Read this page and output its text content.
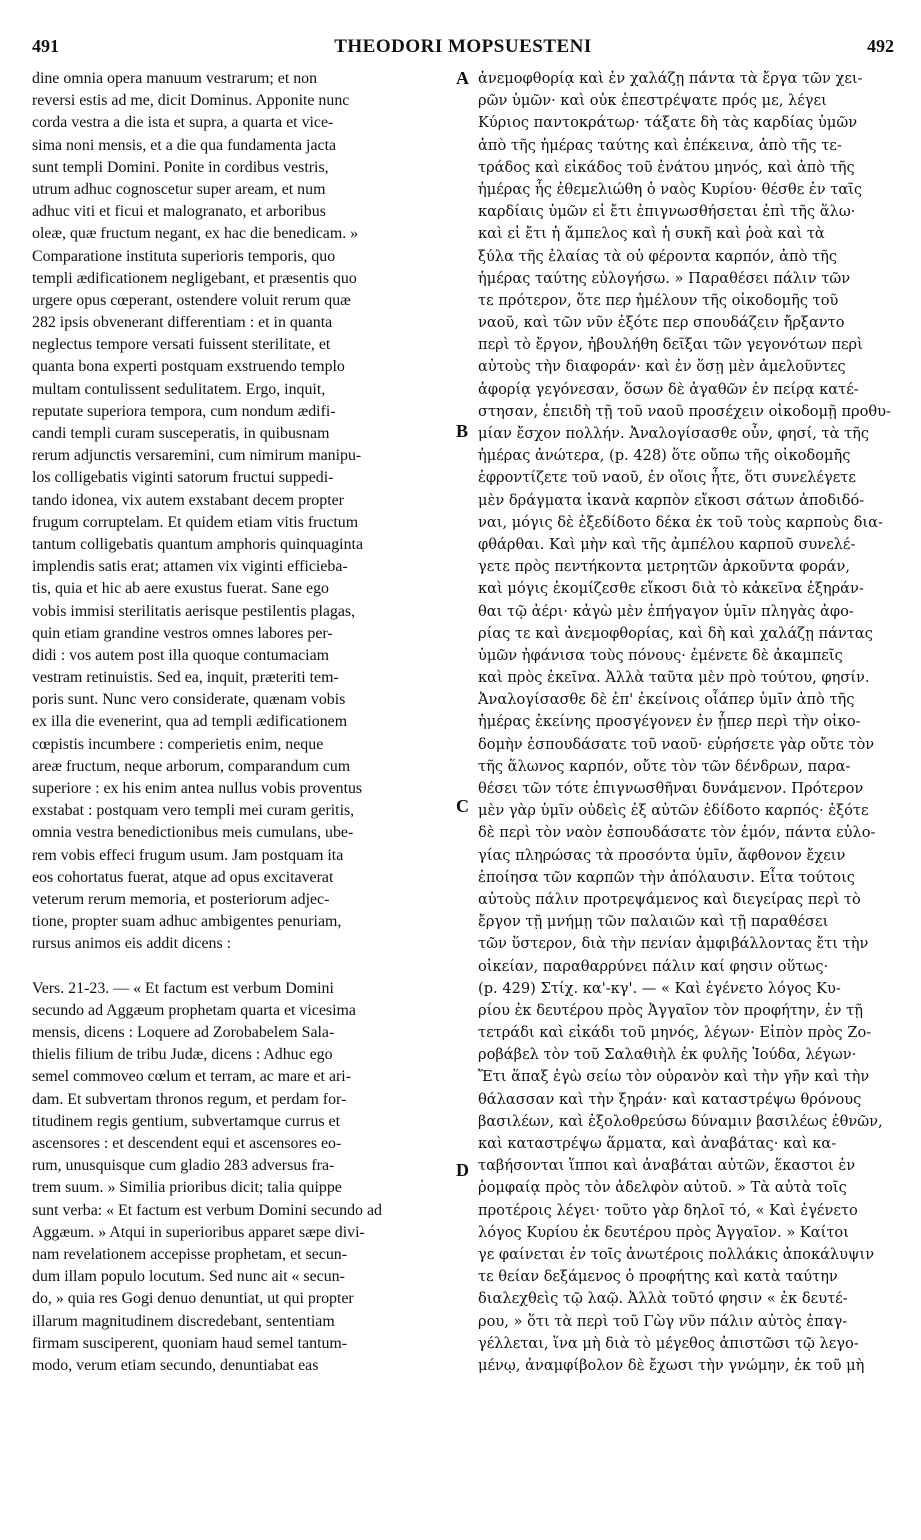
491	THEODORI MOPSUESTENI	492
A
B
C
D
dine omnia opera manuum vestrarum; et non
reversi estis ad me, dicit Dominus. Apponite nunc
corda vestra a die ista et supra, a quarta et vice-
sima noni mensis, et a die qua fundamenta jacta
sunt templi Domini. Ponite in cordibus vestris,
utrum adhuc cognoscetur super aream, et num
adhuc viti et ficui et malogranato, et arboribus
oleæ, quæ fructum negant, ex hac die benedicam. »
Comparatione instituta superioris temporis, quo
templi ædificationem negligebant, et præsentis quo
urgere opus cœperant, ostendere voluit rerum quæ
282 ipsis obvenerant differentiam : et in quanta
neglectus tempore versati fuissent sterilitate, et
quanta bona experti postquam exstruendo templo
multam contulissent sedulitatem. Ergo, inquit,
reputate superiora tempora, cum nondum ædifi-
candi templi curam susceperatis, in quibusnam
rerum adjunctis versaremini, cum nimirum manipu-
los colligebatis viginti satorum fructui suppedi-
tando idonea, vix autem exstabant decem propter
frugum corruptelam. Et quidem etiam vitis fructum
tantum colligebatis quantum amphoris quinquaginta
implendis satis erat; attamen vix viginti efficieba-
tis, quia et hic ab aere exustus fuerat. Sane ego
vobis immisi sterilitatis aerisque pestilentis plagas,
quin etiam grandine vestros omnes labores per-
didi : vos autem post illa quoque contumaciam
vestram retinuistis. Sed ea, inquit, præteriti tem-
poris sunt. Nunc vero considerate, quænam vobis
ex illa die evenerint, qua ad templi ædificationem
cœpistis incumbere : comperietis enim, neque
areæ fructum, neque arborum, comparandum cum
superiore : ex his enim antea nullus vobis proventus
exstabat : postquam vero templi mei curam geritis,
omnia vestra benedictionibus meis cumulans, ube-
rem vobis effeci frugum usum. Jam postquam ita
eos cohortatus fuerat, atque ad opus excitaverat
veterum rerum memoria, et posteriorum adjec-
tione, propter suam adhuc ambigentes penuriam,
rursus animos eis addit dicens :
Vers. 21-23. — « Et factum est verbum Domini
secundo ad Aggæum prophetam quarta et vicesima
mensis, dicens : Loquere ad Zorobabelem Sala-
thielis filium de tribu Judæ, dicens : Adhuc ego
semel commoveo cœlum et terram, ac mare et ari-
dam. Et subvertam thronos regum, et perdam for-
titudinem regis gentium, subvertamque currus et
ascensores : et descendent equi et ascensores eo-
rum, unusquisque cum gladio 283 adversus fra-
trem suum. » Similia prioribus dicit; talia quippe
sunt verba: « Et factum est verbum Domini secundo ad
Aggæum. » Atqui in superioribus apparet sæpe divi-
nam revelationem accepisse prophetam, et secun-
dum illam populo locutum. Sed nunc ait « secun-
do, » quia res Gogi denuo denuntiat, ut qui propter
illarum magnitudinem discredebant, sententiam
firmam susciperent, quoniam haud semel tantum-
modo, verum etiam secundo, denuntiabat eas
ἀνεμοφθορίᾳ καὶ ἐν χαλάζῃ πάντα τὰ ἔργα τῶν χει-
ρῶν ὑμῶν· καὶ οὐκ ἐπεστρέψατε πρός με, λέγει
Κύριος παντοκράτωρ· τάξατε δὴ τὰς καρδίας ὑμῶν
ἀπὸ τῆς ἡμέρας ταύτης καὶ ἐπέκεινα, ἀπὸ τῆς τε-
τράδος καὶ εἰκάδος τοῦ ἐνάτου μηνός, καὶ ἀπὸ τῆς
ἡμέρας ἧς ἐθεμελιώθη ὁ ναὸς Κυρίου· θέσθε ἐν ταῖς
καρδίαις ὑμῶν εἰ ἔτι ἐπιγνωσθήσεται ἐπὶ τῆς ἅλω·
καὶ εἰ ἔτι ἡ ἄμπελος καὶ ἡ συκῆ καὶ ῥοὰ καὶ τὰ
ξύλα τῆς ἐλαίας τὰ οὐ φέροντα καρπόν, ἀπὸ τῆς
ἡμέρας ταύτης εὐλογήσω. » Παραθέσει πάλιν τῶν
τε πρότερον, ὅτε περ ἠμέλουν τῆς οἰκοδομῆς τοῦ
ναοῦ, καὶ τῶν νῦν ἐξότε περ σπουδάζειν ἤρξαντο
περὶ τὸ ἔργον, ἠβουλήθη δεῖξαι τῶν γεγονότων περὶ
αὐτοὺς τὴν διαφοράν· καὶ ἐν ὅσῃ μὲν ἀμελοῦντες
ἀφορίᾳ γεγόνεσαν, ὅσων δὲ ἀγαθῶν ἐν πείρᾳ κατέ-
στησαν, ἐπειδὴ τῇ τοῦ ναοῦ προσέχειν οἰκοδομῇ προθυ-
μίαν ἔσχον πολλήν. Ἀναλογίσασθε οὖν, φησί, τὰ τῆς
ἡμέρας ἀνώτερα, (p. 428) ὅτε οὔπω τῆς οἰκοδομῆς
ἐφροντίζετε τοῦ ναοῦ, ἐν οἵοις ἦτε, ὅτι συνελέγετε
μὲν δράγματα ἱκανὰ καρπὸν εἴκοσι σάτων ἀποδιδό-
ναι, μόγις δὲ ἐξεδίδοτο δέκα ἐκ τοῦ τοὺς καρποὺς δια-
φθάρθαι. Καὶ μὴν καὶ τῆς ἀμπέλου καρποῦ συνελέ-
γετε πρὸς πεντήκοντα μετρητῶν ἀρκοῦντα φοράν,
καὶ μόγις ἐκομίζεσθε εἴκοσι διὰ τὸ κἀκεῖνα ἐξηράν-
θαι τῷ ἀέρι· κἀγὼ μὲν ἐπήγαγον ὑμῖν πληγὰς ἀφο-
ρίας τε καὶ ἀνεμοφθορίας, καὶ δὴ καὶ χαλάζῃ πάντας
ὑμῶν ἠφάνισα τοὺς πόνους· ἐμένετε δὲ ἀκαμπεῖς
καὶ πρὸς ἐκεῖνα. Ἀλλὰ ταῦτα μὲν πρὸ τούτου, φησίν.
Ἀναλογίσασθε δὲ ἐπ' ἐκείνοις οἷάπερ ὑμῖν ἀπὸ τῆς
ἡμέρας ἐκείνης προσγέγονεν ἐν ᾗπερ περὶ τὴν οἰκο-
δομὴν ἐσπουδάσατε τοῦ ναοῦ· εὑρήσετε γὰρ οὔτε τὸν
τῆς ἅλωνος καρπόν, οὔτε τὸν τῶν δένδρων, παρα-
θέσει τῶν τότε ἐπιγνωσθῆναι δυνάμενον. Πρότερον
μὲν γὰρ ὑμῖν οὐδεὶς ἐξ αὐτῶν ἐδίδοτο καρπός· ἐξότε
δὲ περὶ τὸν ναὸν ἐσπουδάσατε τὸν ἐμόν, πάντα εὐλο-
γίας πληρώσας τὰ προσόντα ὑμῖν, ἄφθονον ἔχειν
ἐποίησα τῶν καρπῶν τὴν ἀπόλαυσιν. Εἶτα τούτοις
αὐτοὺς πάλιν προτρεψάμενος καὶ διεγείρας περὶ τὸ
ἔργον τῇ μνήμῃ τῶν παλαιῶν καὶ τῇ παραθέσει
τῶν ὕστερον, διὰ τὴν πενίαν ἀμφιβάλλοντας ἔτι τὴν
οἰκείαν, παραθαρρύνει πάλιν καί φησιν οὕτως·
(p. 429) Στίχ. κα'-κγ'. — « Καὶ ἐγένετο λόγος Κυ-
ρίου ἐκ δευτέρου πρὸς Ἀγγαῖον τὸν προφήτην, ἐν τῇ
τετράδι καὶ εἰκάδι τοῦ μηνός, λέγων· Εἰπὸν πρὸς Ζο-
ροβάβελ τὸν τοῦ Σαλαθιὴλ ἐκ φυλῆς Ἰούδα, λέγων·
Ἔτι ἅπαξ ἐγὼ σείω τὸν οὐρανὸν καὶ τὴν γῆν καὶ τὴν
θάλασσαν καὶ τὴν ξηράν· καὶ καταστρέψω θρόνους
βασιλέων, καὶ ἐξολοθρεύσω δύναμιν βασιλέως ἐθνῶν,
καὶ καταστρέψω ἅρματα, καὶ ἀναβάτας· καὶ κα-
ταβήσονται ἵπποι καὶ ἀναβάται αὐτῶν, ἕκαστοι ἐν
ῥομφαίᾳ πρὸς τὸν ἀδελφὸν αὐτοῦ. » Τὰ αὐτὰ τοῖς
προτέροις λέγει· τοῦτο γὰρ δηλοῖ τό, « Καὶ ἐγένετο
λόγος Κυρίου ἐκ δευτέρου πρὸς Ἀγγαῖον. » Καίτοι
γε φαίνεται ἐν τοῖς ἀνωτέροις πολλάκις ἀποκάλυψιν
τε θείαν δεξάμενος ὁ προφήτης καὶ κατὰ ταύτην
διαλεχθεὶς τῷ λαῷ. Ἀλλὰ τοῦτό φησιν « ἐκ δευτέ-
ρου, » ὅτι τὰ περὶ τοῦ Γὼγ νῦν πάλιν αὐτὸς ἐπαγ-
γέλλεται, ἵνα μὴ διὰ τὸ μέγεθος ἀπιστῶσι τῷ λεγο-
μένῳ, ἀναμφίβολον δὲ ἔχωσι τὴν γνώμην, ἐκ τοῦ μὴ
